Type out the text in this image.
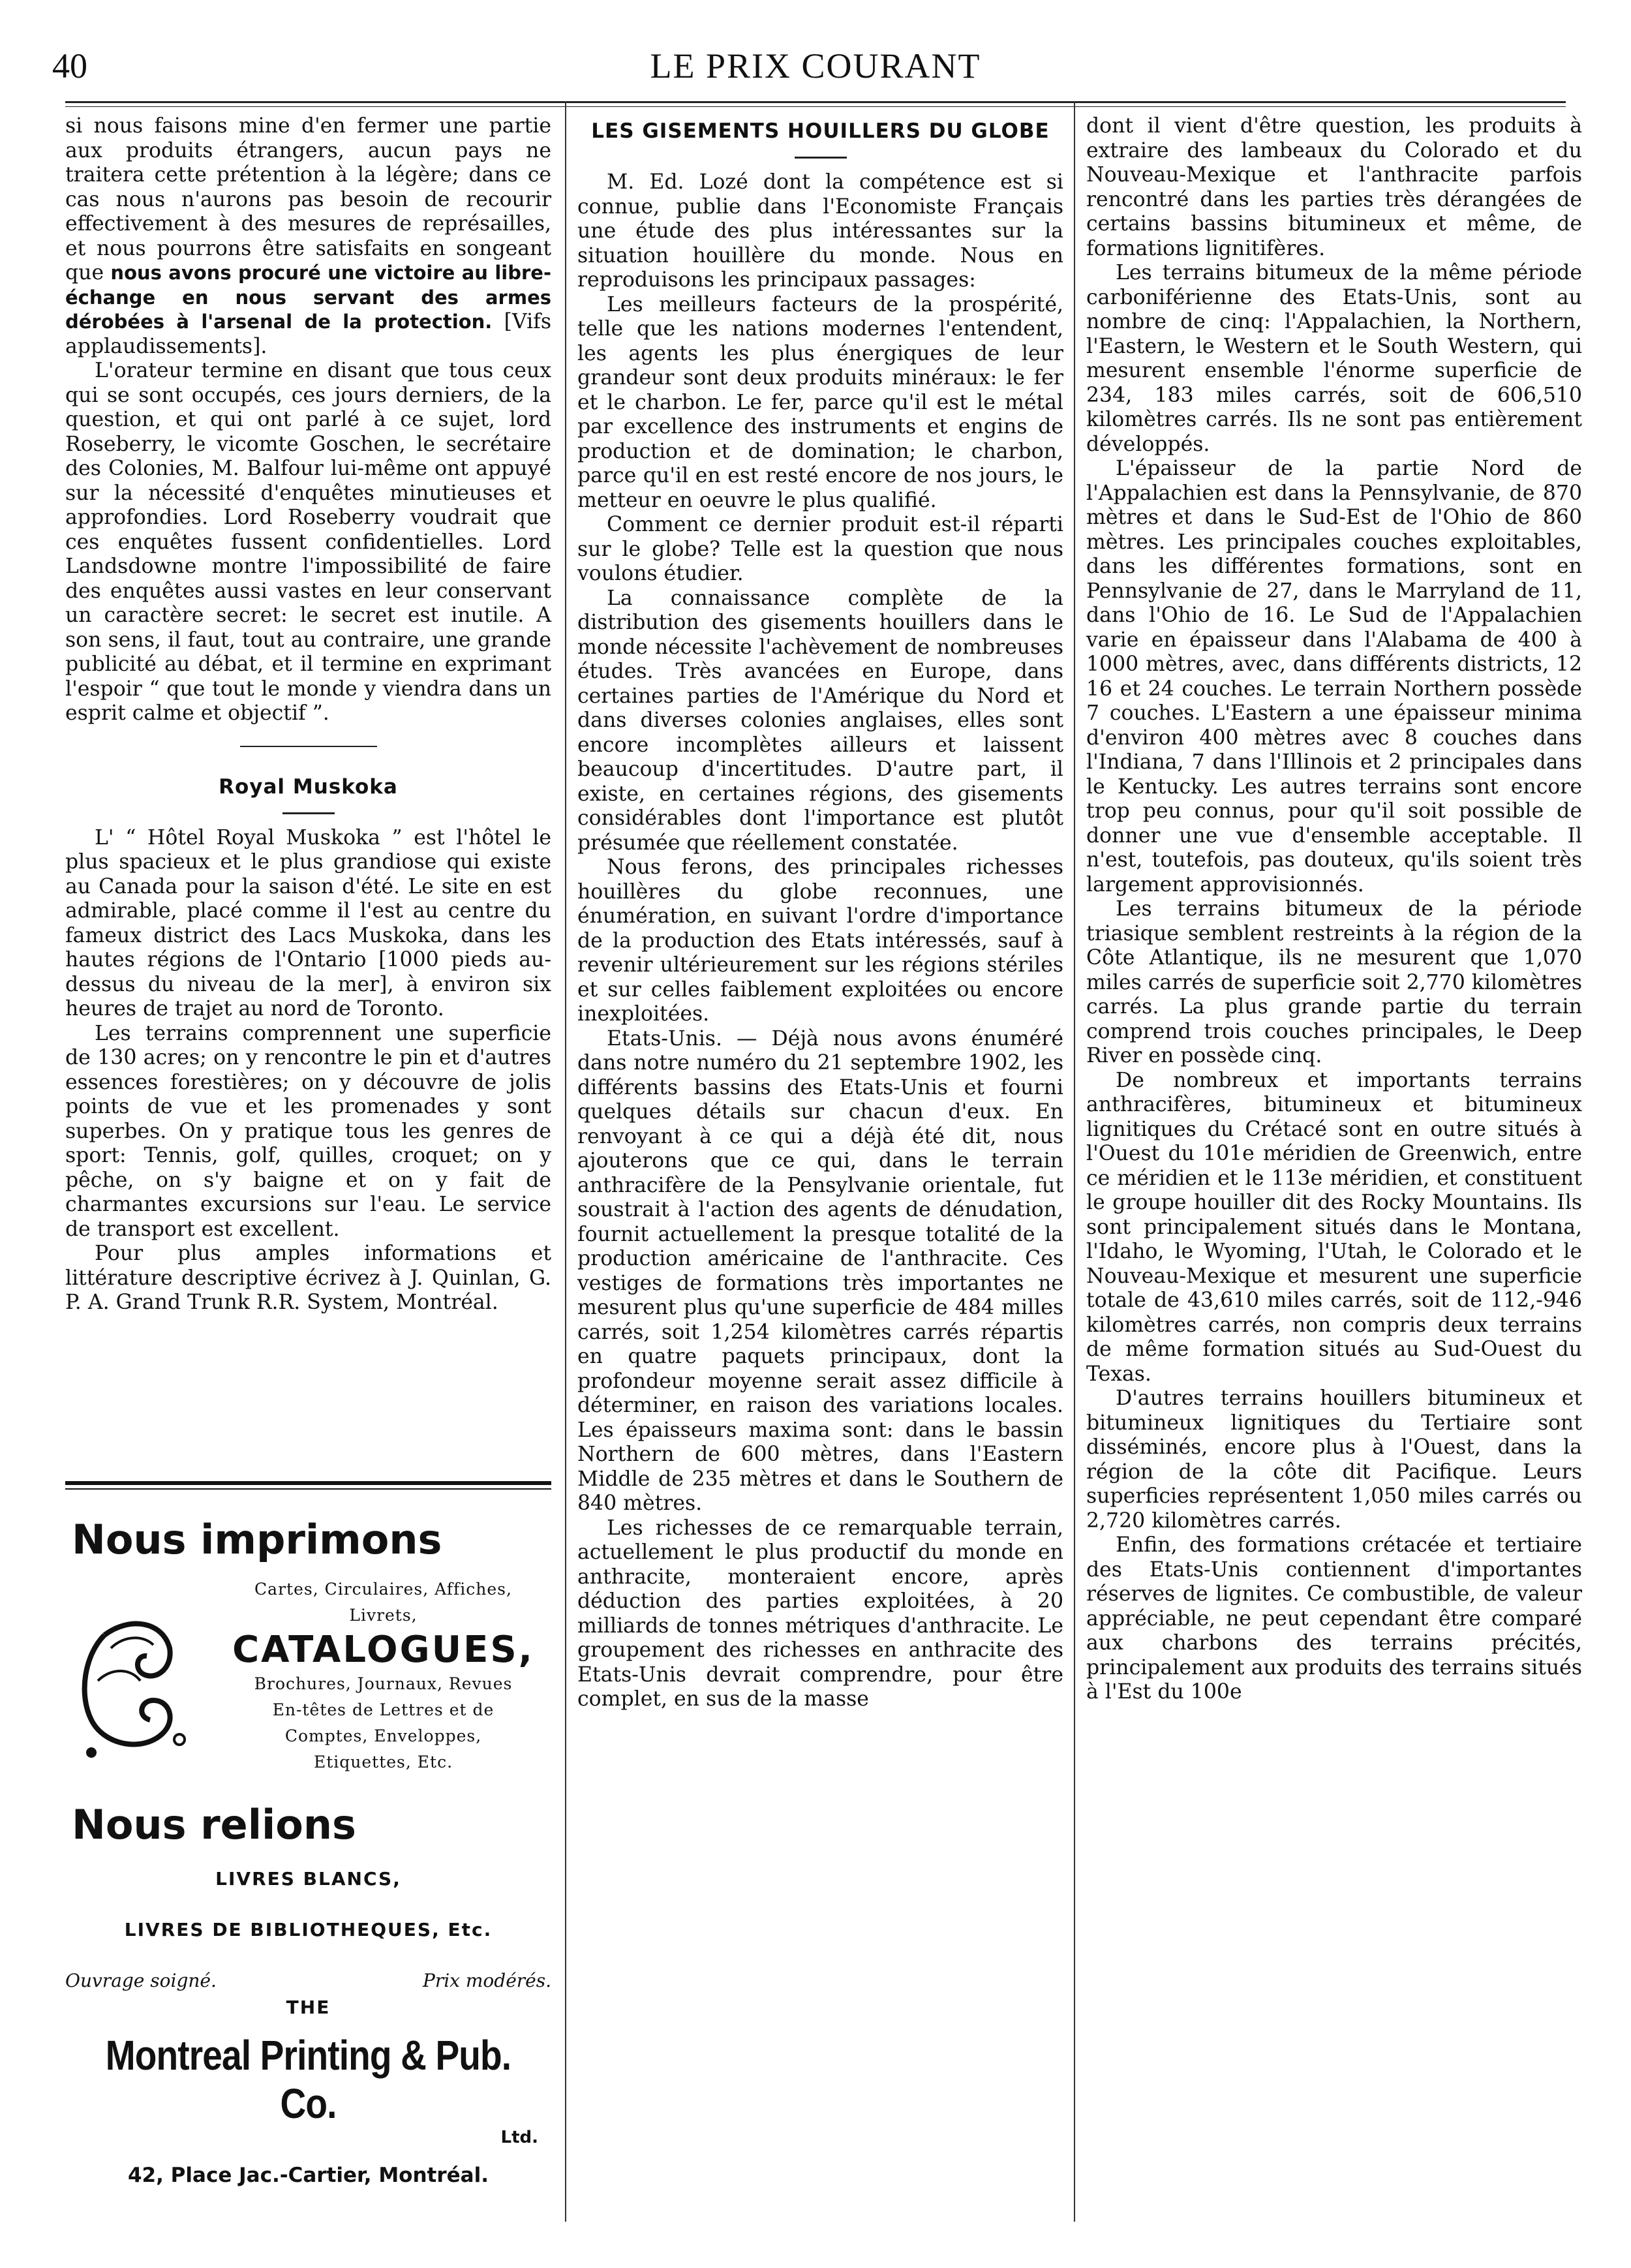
40	LE PRIX COURANT

si nous faisons mine d'en fermer une partie aux produits étrangers, aucun pays ne traitera cette prétention à la légère; dans ce cas nous n'aurons pas besoin de recourir effectivement à des mesures de représailles, et nous pourrons être satisfaits en songeant que nous avons procuré une victoire au libre-échange en nous servant des armes dérobées à l'arsenal de la protection. [Vifs applaudissements].

L'orateur termine en disant que tous ceux qui se sont occupés, ces jours derniers, de la question, et qui ont parlé à ce sujet, lord Roseberry, le vicomte Goschen, le secrétaire des Colonies, M. Balfour lui-même ont appuyé sur la nécessité d'enquêtes minutieuses et approfondies. Lord Roseberry voudrait que ces enquêtes fussent confidentielles. Lord Landsdowne montre l'impossibilité de faire des enquêtes aussi vastes en leur conservant un caractère secret: le secret est inutile. A son sens, il faut, tout au contraire, une grande publicité au débat, et il termine en exprimant l'espoir “ que tout le monde y viendra dans un esprit calme et objectif ”.

Royal Muskoka

L' “ Hôtel Royal Muskoka ” est l'hôtel le plus spacieux et le plus grandiose qui existe au Canada pour la saison d'été. Le site en est admirable, placé comme il l'est au centre du fameux district des Lacs Muskoka, dans les hautes régions de l'Ontario [1000 pieds au-dessus du niveau de la mer], à environ six heures de trajet au nord de Toronto.

Les terrains comprennent une superficie de 130 acres; on y rencontre le pin et d'autres essences forestières; on y découvre de jolis points de vue et les promenades y sont superbes. On y pratique tous les genres de sport: Tennis, golf, quilles, croquet; on y pêche, on s'y baigne et on y fait de charmantes excursions sur l'eau. Le service de transport est excellent.

Pour plus amples informations et littérature descriptive écrivez à J. Quinlan, G. P. A. Grand Trunk R.R. System, Montréal.

Nous imprimons
Cartes, Circulaires, Affiches,
Livrets,
CATALOGUES,
Brochures, Journaux, Revues
En-têtes de Lettres et de
Comptes, Enveloppes,
Etiquettes, Etc.
Nous relions
LIVRES BLANCS,
LIVRES DE BIBLIOTHEQUES, Etc.
Ouvrage soigné.	Prix modérés.
THE
Montreal Printing & Pub. Co.
Ltd.
42, Place Jac.-Cartier, Montréal.
LES GISEMENTS HOUILLERS DU GLOBE

M. Ed. Lozé dont la compétence est si connue, publie dans l'Economiste Français une étude des plus intéressantes sur la situation houillère du monde. Nous en reproduisons les principaux passages:

Les meilleurs facteurs de la prospérité, telle que les nations modernes l'entendent, les agents les plus énergiques de leur grandeur sont deux produits minéraux: le fer et le charbon. Le fer, parce qu'il est le métal par excellence des instruments et engins de production et de domination; le charbon, parce qu'il en est resté encore de nos jours, le metteur en oeuvre le plus qualifié.

Comment ce dernier produit est-il réparti sur le globe? Telle est la question que nous voulons étudier.

La connaissance complète de la distribution des gisements houillers dans le monde nécessite l'achèvement de nombreuses études. Très avancées en Europe, dans certaines parties de l'Amérique du Nord et dans diverses colonies anglaises, elles sont encore incomplètes ailleurs et laissent beaucoup d'incertitudes. D'autre part, il existe, en certaines régions, des gisements considérables dont l'importance est plutôt présumée que réellement constatée.

Nous ferons, des principales richesses houillères du globe reconnues, une énumération, en suivant l'ordre d'importance de la production des Etats intéressés, sauf à revenir ultérieurement sur les régions stériles et sur celles faiblement exploitées ou encore inexploitées.

Etats-Unis. — Déjà nous avons énuméré dans notre numéro du 21 septembre 1902, les différents bassins des Etats-Unis et fourni quelques détails sur chacun d'eux. En renvoyant à ce qui a déjà été dit, nous ajouterons que ce qui, dans le terrain anthracifère de la Pensylvanie orientale, fut soustrait à l'action des agents de dénudation, fournit actuellement la presque totalité de la production américaine de l'anthracite. Ces vestiges de formations très importantes ne mesurent plus qu'une superficie de 484 milles carrés, soit 1,254 kilomètres carrés répartis en quatre paquets principaux, dont la profondeur moyenne serait assez difficile à déterminer, en raison des variations locales. Les épaisseurs maxima sont: dans le bassin Northern de 600 mètres, dans l'Eastern Middle de 235 mètres et dans le Southern de 840 mètres.

Les richesses de ce remarquable terrain, actuellement le plus productif du monde en anthracite, monteraient encore, après déduction des parties exploitées, à 20 milliards de tonnes métriques d'anthracite. Le groupement des richesses en anthracite des Etats-Unis devrait comprendre, pour être complet, en sus de la masse

dont il vient d'être question, les produits à extraire des lambeaux du Colorado et du Nouveau-Mexique et l'anthracite parfois rencontré dans les parties très dérangées de certains bassins bitumineux et même, de formations lignitifères.

Les terrains bitumeux de la même période carboniférienne des Etats-Unis, sont au nombre de cinq: l'Appalachien, la Northern, l'Eastern, le Western et le South Western, qui mesurent ensemble l'énorme superficie de 234, 183 miles carrés, soit de 606,510 kilomètres carrés. Ils ne sont pas entièrement développés.

L'épaisseur de la partie Nord de l'Appalachien est dans la Pennsylvanie, de 870 mètres et dans le Sud-Est de l'Ohio de 860 mètres. Les principales couches exploitables, dans les différentes formations, sont en Pennsylvanie de 27, dans le Marryland de 11, dans l'Ohio de 16. Le Sud de l'Appalachien varie en épaisseur dans l'Alabama de 400 à 1000 mètres, avec, dans différents districts, 12 16 et 24 couches. Le terrain Northern possède 7 couches. L'Eastern a une épaisseur minima d'environ 400 mètres avec 8 couches dans l'Indiana, 7 dans l'Illinois et 2 principales dans le Kentucky. Les autres terrains sont encore trop peu connus, pour qu'il soit possible de donner une vue d'ensemble acceptable. Il n'est, toutefois, pas douteux, qu'ils soient très largement approvisionnés.

Les terrains bitumeux de la période triasique semblent restreints à la région de la Côte Atlantique, ils ne mesurent que 1,070 miles carrés de superficie soit 2,770 kilomètres carrés. La plus grande partie du terrain comprend trois couches principales, le Deep River en possède cinq.

De nombreux et importants terrains anthracifères, bitumineux et bitumineux lignitiques du Crétacé sont en outre situés à l'Ouest du 101e méridien de Greenwich, entre ce méridien et le 113e méridien, et constituent le groupe houiller dit des Rocky Mountains. Ils sont principalement situés dans le Montana, l'Idaho, le Wyoming, l'Utah, le Colorado et le Nouveau-Mexique et mesurent une superficie totale de 43,610 miles carrés, soit de 112,-946 kilomètres carrés, non compris deux terrains de même formation situés au Sud-Ouest du Texas.

D'autres terrains houillers bitumineux et bitumineux lignitiques du Tertiaire sont disséminés, encore plus à l'Ouest, dans la région de la côte dit Pacifique. Leurs superficies représentent 1,050 miles carrés ou 2,720 kilomètres carrés.

Enfin, des formations crétacée et tertiaire des Etats-Unis contiennent d'importantes réserves de lignites. Ce combustible, de valeur appréciable, ne peut cependant être comparé aux charbons des terrains précités, principalement aux produits des terrains situés à l'Est du 100e
